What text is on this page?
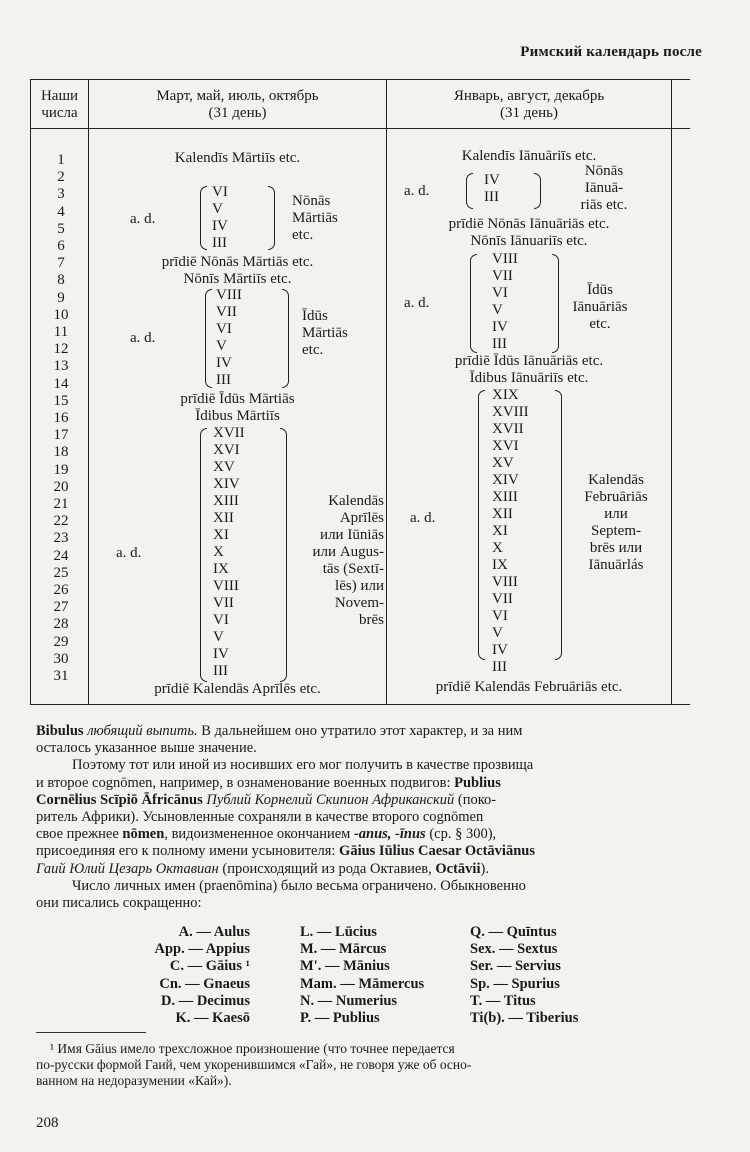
Римский календарь после
Наши числа
Март, май, июль, октябрь
(31 день)
Январь, август, декабрь
(31 день)
1
2
3
4
5
6
7
8
9
10
11
12
13
14
15
16
17
18
19
20
21
22
23
24
25
26
27
28
29
30
31
Kalendīs Mārtiīs etc.
a. d.
VI
V
IV
III
Nōnās
Mārtiās
etc.
prīdiē Nōnās Mārtiās etc.
Nōnīs Mārtiīs etc.
a. d.
VIII
VII
VI
V
IV
III
Īdūs
Mārtiās
etc.
prīdiē Īdūs Mārtiās
Īdibus Mārtiīs
a. d.
XVII
XVI
XV
XIV
XIII
XII
XI
X
IX
VIII
VII
VI
V
IV
III
Kalendās
Aprīlēs
или Iūniās
или Augus-
tās (Sextī-
lēs) или
Novem-
brēs
prīdiē Kalendās Aprīlēs etc.
Kalendīs Iānuāriīs etc.
a. d.
IV
III
Nōnās
Iānuā-
riās etc.
prīdiē Nōnās Iānuāriās etc.
Nōnīs Iānuariīs etc.
a. d.
VIII
VII
VI
V
IV
III
Īdūs
Iānuāriās
etc.
prīdiē Īdūs Iānuāriās etc.
Īdibus Iānuāriīs etc.
a. d.
XIX
XVIII
XVII
XVI
XV
XIV
XIII
XII
XI
X
IX
VIII
VII
VI
V
IV
III
Kalendās
Februāriās
или
Septem-
brēs или
Iānuārlás
prīdiē Kalendās Februāriās etc.
Bibulus любящий выпить. В дальнейшем оно утратило этот характер, и за ним
осталось указанное выше значение.
Поэтому тот или иной из носивших его мог получить в качестве прозвища
и второе cognōmen, например, в ознаменование военных подвигов: Publius
Cornēlius Scīpiō Āfricānus Публий Корнелий Скипион Африканский (поко-
ритель Африки). Усыновленные сохраняли в качестве второго cognōmen
свое прежнее nōmen, видоизмененное окончанием -anus, -īnus (ср. § 300),
присоединяя его к полному имени усыновителя: Gāius Iūlius Caesar Octāviānus
Гаий Юлий Цезарь Октавиан (происходящий из рода Октавиев, Octāvii).
Число личных имен (praenōmina) было весьма ограничено. Обыкновенно
они писались сокращенно:
A. — Aulus
App. — Appius
C. — Gāius ¹
Cn. — Gnaeus
D. — Decimus
K. — Kaesō
L. — Lūcius
M. — Mārcus
M'. — Mānius
Mam. — Māmercus
N. — Numerius
P. — Publius
Q. — Quīntus
Sex. — Sextus
Ser. — Servius
Sp. — Spurius
T. — Titus
Ti(b). — Tiberius
¹ Имя Gāius имело трехсложное произношение (что точнее передается
по-русски формой Гаий, чем укоренившимся «Гай», не говоря уже об осно-
ванном на недоразумении «Кай»).
208
